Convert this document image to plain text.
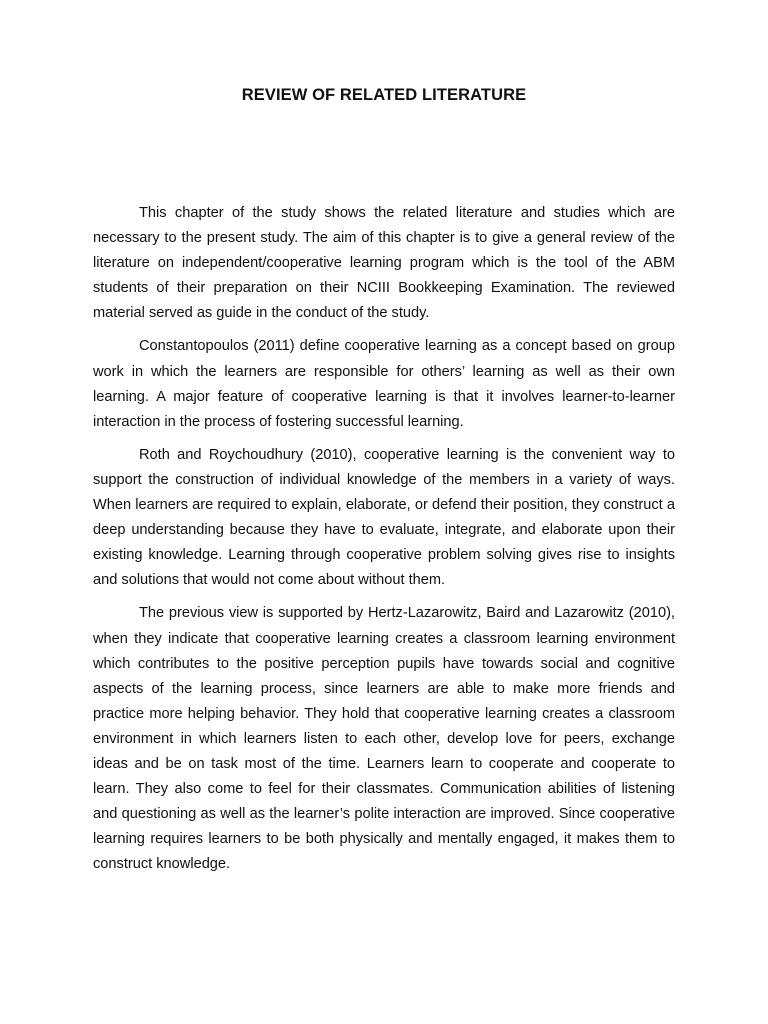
REVIEW OF RELATED LITERATURE

This chapter of the study shows the related literature and studies which are necessary to the present study. The aim of this chapter is to give a general review of the literature on independent/cooperative learning program which is the tool of the ABM students of their preparation on their NCIII Bookkeeping Examination. The reviewed material served as guide in the conduct of the study.

Constantopoulos (2011) define cooperative learning as a concept based on group work in which the learners are responsible for others’ learning as well as their own learning. A major feature of cooperative learning is that it involves learner-to-learner interaction in the process of fostering successful learning.

Roth and Roychoudhury (2010), cooperative learning is the convenient way to support the construction of individual knowledge of the members in a variety of ways. When learners are required to explain, elaborate, or defend their position, they construct a deep understanding because they have to evaluate, integrate, and elaborate upon their existing knowledge. Learning through cooperative problem solving gives rise to insights and solutions that would not come about without them.

The previous view is supported by Hertz-Lazarowitz, Baird and Lazarowitz (2010), when they indicate that cooperative learning creates a classroom learning environment which contributes to the positive perception pupils have towards social and cognitive aspects of the learning process, since learners are able to make more friends and practice more helping behavior. They hold that cooperative learning creates a classroom environment in which learners listen to each other, develop love for peers, exchange ideas and be on task most of the time. Learners learn to cooperate and cooperate to learn. They also come to feel for their classmates. Communication abilities of listening and questioning as well as the learner’s polite interaction are improved. Since cooperative learning requires learners to be both physically and mentally engaged, it makes them to construct knowledge.
